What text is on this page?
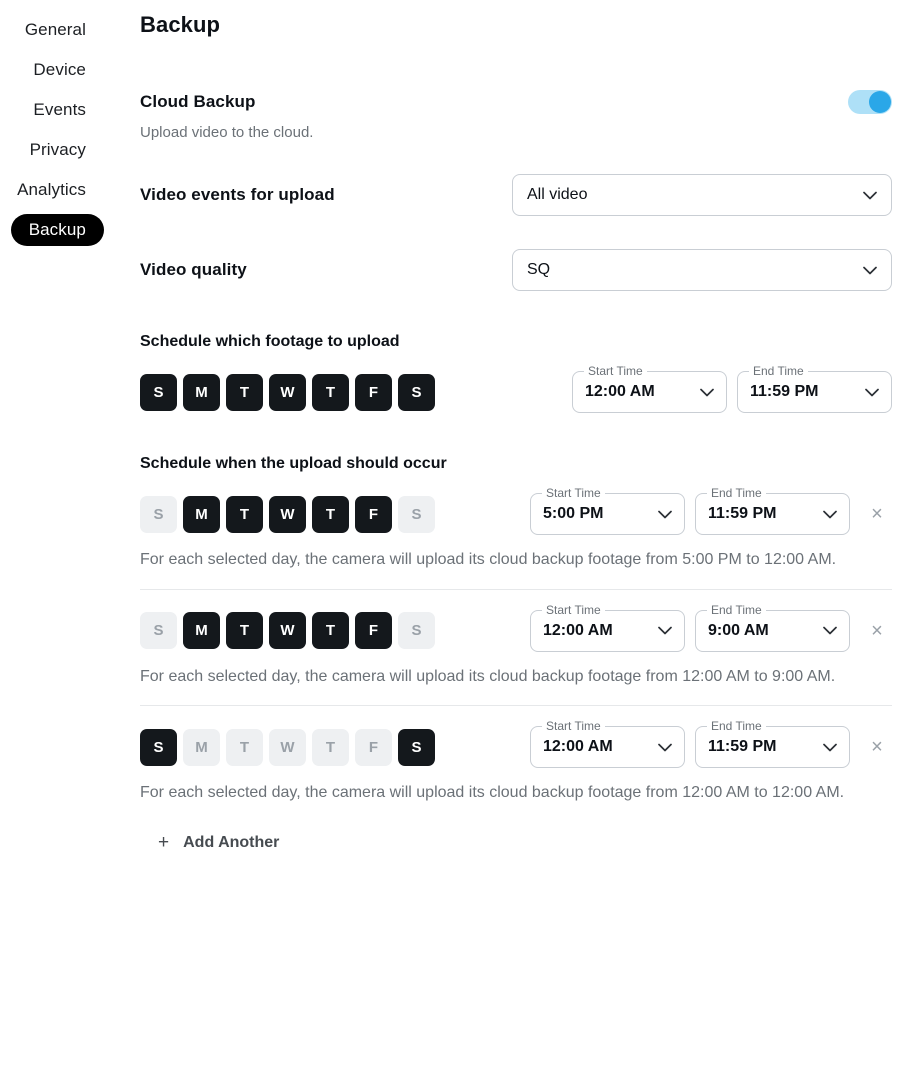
General
Device
Events
Privacy
Analytics
Backup
Backup
Cloud Backup
Upload video to the cloud.
Video events for upload	All video
Video quality	SQ
Schedule which footage to upload
S	M	T	W	T	F	S
Start Time
12:00 AM
End Time
11:59 PM
Schedule when the upload should occur
S	M	T	W	T	F	S
Start Time
5:00 PM
End Time
11:59 PM	×
For each selected day, the camera will upload its cloud backup footage from 5:00 PM to 12:00 AM.
S	M	T	W	T	F	S
Start Time
12:00 AM
End Time
9:00 AM	×
For each selected day, the camera will upload its cloud backup footage from 12:00 AM to 9:00 AM.
S	M	T	W	T	F	S
Start Time
12:00 AM
End Time
11:59 PM	×
For each selected day, the camera will upload its cloud backup footage from 12:00 AM to 12:00 AM.
+ Add Another
